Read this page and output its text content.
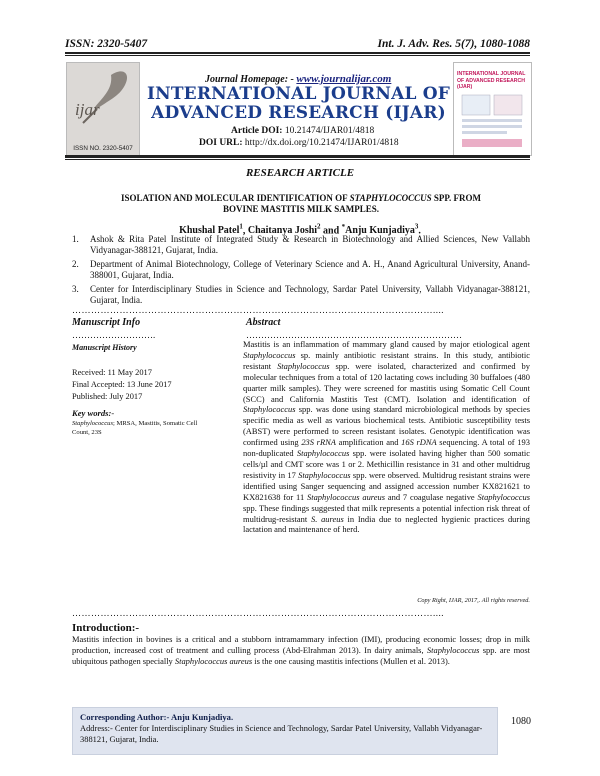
ISSN: 2320-5407	Int. J. Adv. Res. 5(7), 1080-1088
ijar
ISSN NO. 2320-5407
Journal Homepage: - www.journalijar.com
INTERNATIONAL JOURNAL OF
ADVANCED RESEARCH (IJAR)
Article DOI: 10.21474/IJAR01/4818
DOI URL: http://dx.doi.org/10.21474/IJAR01/4818
INTERNATIONAL JOURNAL OF ADVANCED RESEARCH (IJAR)
RESEARCH ARTICLE
ISOLATION AND MOLECULAR IDENTIFICATION OF STAPHYLOCOCCUS SPP. FROM BOVINE MASTITIS MILK SAMPLES.
Khushal Patel$^1$, Chaitanya Joshi$^2$ and *Anju Kunjadiya$^3$.
1. Ashok & Rita Patel Institute of Integrated Study & Research in Biotechnology and Allied Sciences, New Vallabh Vidyanagar-388121, Gujarat, India.
2. Department of Animal Biotechnology, College of Veterinary Science and A. H., Anand Agricultural University, Anand-388001, Gujarat, India.
3. Center for Interdisciplinary Studies in Science and Technology, Sardar Patel University, Vallabh Vidyanagar-388121, Gujarat, India.
……………………………………………………………………………………………………....
Manuscript Info
……………………….
Manuscript History
Received: 11 May 2017
Final Accepted: 13 June 2017
Published: July 2017
Key words:-
Staphylococcus; MRSA, Mastitis, Somatic Cell Count, 23S
Abstract
………………………………………………………………

Mastitis is an inflammation of mammary gland caused by major etiological agent Staphylococcus sp. mainly antibiotic resistant strains. In this study, antibiotic resistant Staphylococcus spp. were isolated, characterized and confirmed by molecular techniques from a total of 120 lactating cows including 30 buffaloes (480 quarter milk samples). They were screened for mastitis using Somatic Cell Count (SCC) and California Mastitis Test (CMT). Isolation and identification of Staphylococcus spp. was done using standard microbiological methods by species specific media as well as various biochemical tests. Antibiotic susceptibility tests (ABST) were performed to screen resistant isolates. Genotypic identification was confirmed using 23S rRNA amplification and 16S rDNA sequencing. A total of 193 non-duplicated Staphylococcus spp. were isolated having higher than 500 somatic cells/µl and CMT score was 1 or 2. Methicillin resistance in 31 and other multidrug resistivity in 17 Staphylococcus spp. were observed. Multidrug resistant strains were identified using Sanger sequencing and assigned accession number KX821621 to KX821638 for 11 Staphylococcus aureus and 7 coagulase negative Staphylococcus spp. These findings suggested that milk represents a potential infection risk threat of multidrug-resistant S. aureus in India due to neglected hygienic practices during lactation and maintenance of herd.

Copy Right, IJAR, 2017,. All rights reserved.
……………………………………………………………………………………………………....
Introduction:-

Mastitis infection in bovines is a critical and a stubborn intramammary infection (IMI), producing economic losses; drop in milk production, increased cost of treatment and culling process (Abd-Elrahman 2013). In dairy animals, Staphylococcus spp. are most ubiquitous pathogen specially Staphylococcus aureus is the one causing mastitis infections (Mullen et al. 2013).

Corresponding Author:- Anju Kunjadiya.
Address:- Center for Interdisciplinary Studies in Science and Technology, Sardar Patel University, Vallabh Vidyanagar-388121, Gujarat, India.
1080
